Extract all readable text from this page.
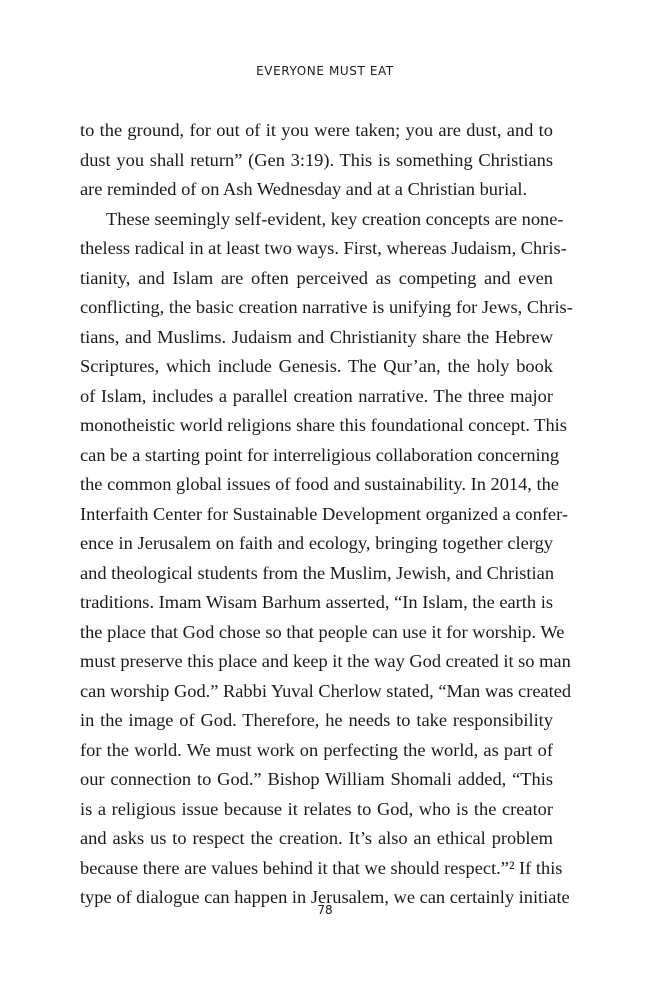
EVERYONE MUST EAT
to the ground, for out of it you were taken; you are dust, and to
dust you shall return” (Gen 3:19). This is something Christians
are reminded of on Ash Wednesday and at a Christian burial.
These seemingly self-evident, key creation concepts are none-
theless radical in at least two ways. First, whereas Judaism, Chris-
tianity, and Islam are often perceived as competing and even
conflicting, the basic creation narrative is unifying for Jews, Chris-
tians, and Muslims. Judaism and Christianity share the Hebrew
Scriptures, which include Genesis. The Qur’an, the holy book
of Islam, includes a parallel creation narrative. The three major
monotheistic world religions share this foundational concept. This
can be a starting point for interreligious collaboration concerning
the common global issues of food and sustainability. In 2014, the
Interfaith Center for Sustainable Development organized a confer-
ence in Jerusalem on faith and ecology, bringing together clergy
and theological students from the Muslim, Jewish, and Christian
traditions. Imam Wisam Barhum asserted, “In Islam, the earth is
the place that God chose so that people can use it for worship. We
must preserve this place and keep it the way God created it so man
can worship God.” Rabbi Yuval Cherlow stated, “Man was created
in the image of God. Therefore, he needs to take responsibility
for the world. We must work on perfecting the world, as part of
our connection to God.” Bishop William Shomali added, “This
is a religious issue because it relates to God, who is the creator
and asks us to respect the creation. It’s also an ethical problem
because there are values behind it that we should respect.”² If this
type of dialogue can happen in Jerusalem, we can certainly initiate
78
